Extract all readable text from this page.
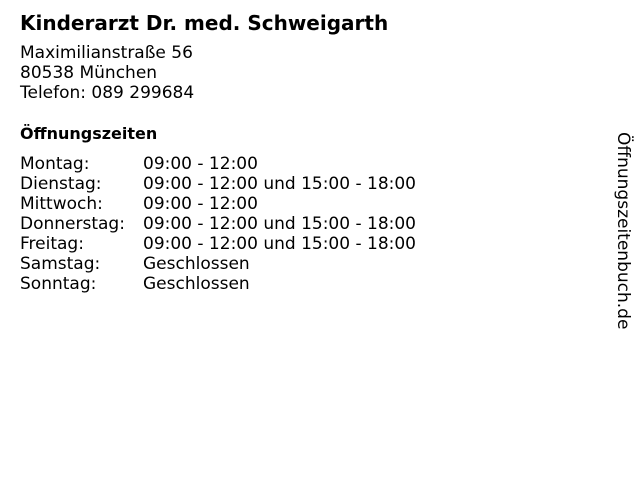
Kinderarzt Dr. med. Schweigarth
Maximilianstraße 56
80538 München
Telefon: 089 299684
Öffnungszeiten
Montag:	09:00 - 12:00
Dienstag:	09:00 - 12:00 und 15:00 - 18:00
Mittwoch:	09:00 - 12:00
Donnerstag:	09:00 - 12:00 und 15:00 - 18:00
Freitag:	09:00 - 12:00 und 15:00 - 18:00
Samstag:	Geschlossen
Sonntag:	Geschlossen	Öffnungszeitenbuch.de
